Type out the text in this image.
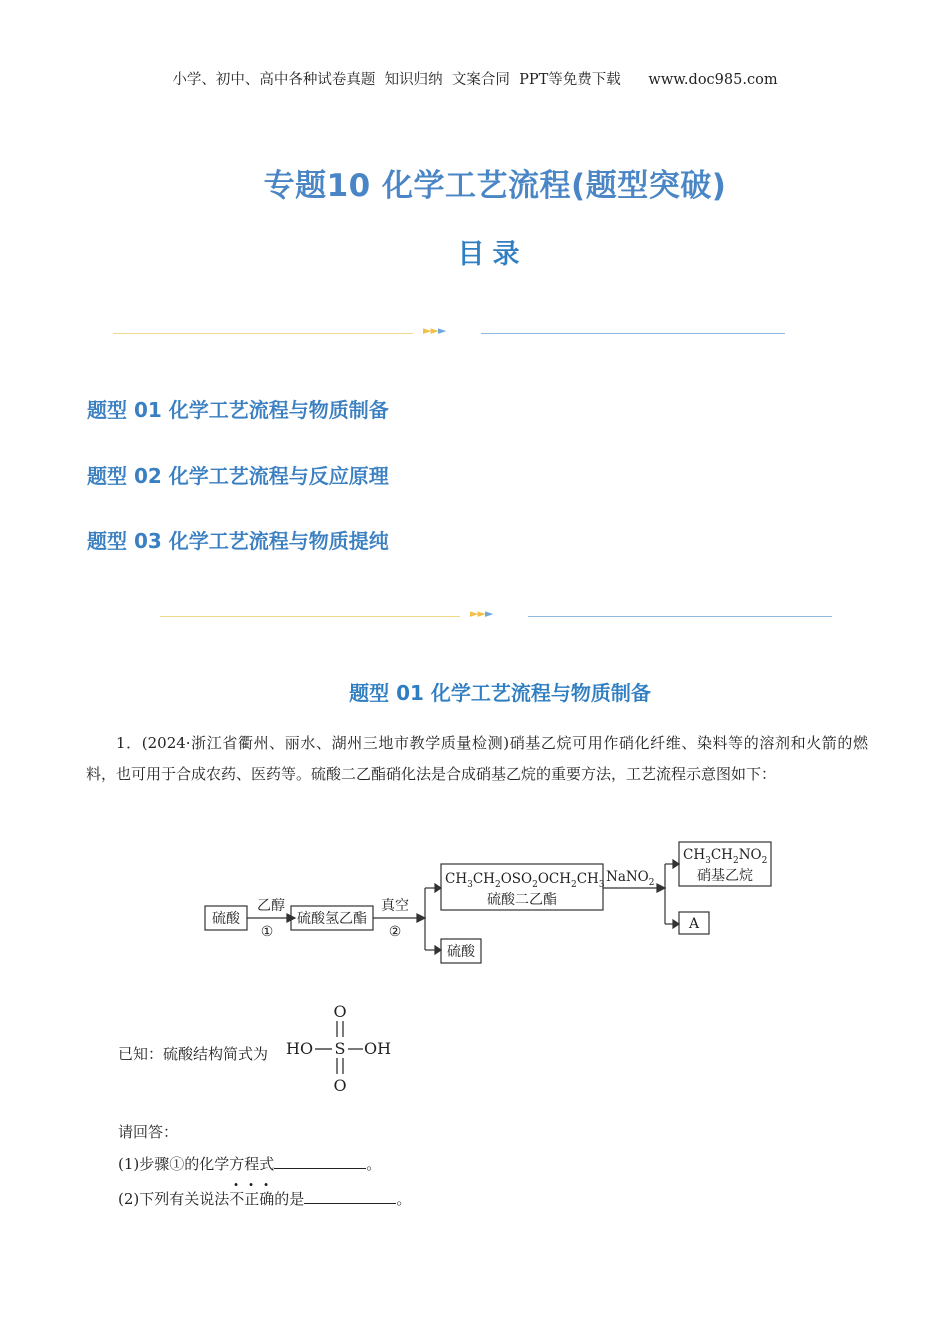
小学、初中、高中各种试卷真题  知识归纳  文案合同  PPT等免费下载 www.doc985.com
专题10 化学工艺流程(题型突破)
目录
►►►
题型 01 化学工艺流程与物质制备
题型 02 化学工艺流程与反应原理
题型 03 化学工艺流程与物质提纯
►►►
题型 01 化学工艺流程与物质制备
1．(2024·浙江省衢州、丽水、湖州三地市教学质量检测)硝基乙烷可用作硝化纤维、染料等的溶剂和火箭的燃料，也可用于合成农药、医药等。硫酸二乙酯硝化法是合成硝基乙烷的重要方法，工艺流程示意图如下：
硫酸
乙醇
①
硫酸氢乙酯
真空
②
$CH_3CH_2OSO_2OCH_2CH_3$
硫酸二乙酯
硫酸
NaNO$_2$
$CH_3CH_2NO_2$
硝基乙烷
A
已知：硫酸结构简式为
O
S
O
HO	OH
请回答：
(1)步骤①的化学方程式	。
(2)下列有关说法不正确的是	。
